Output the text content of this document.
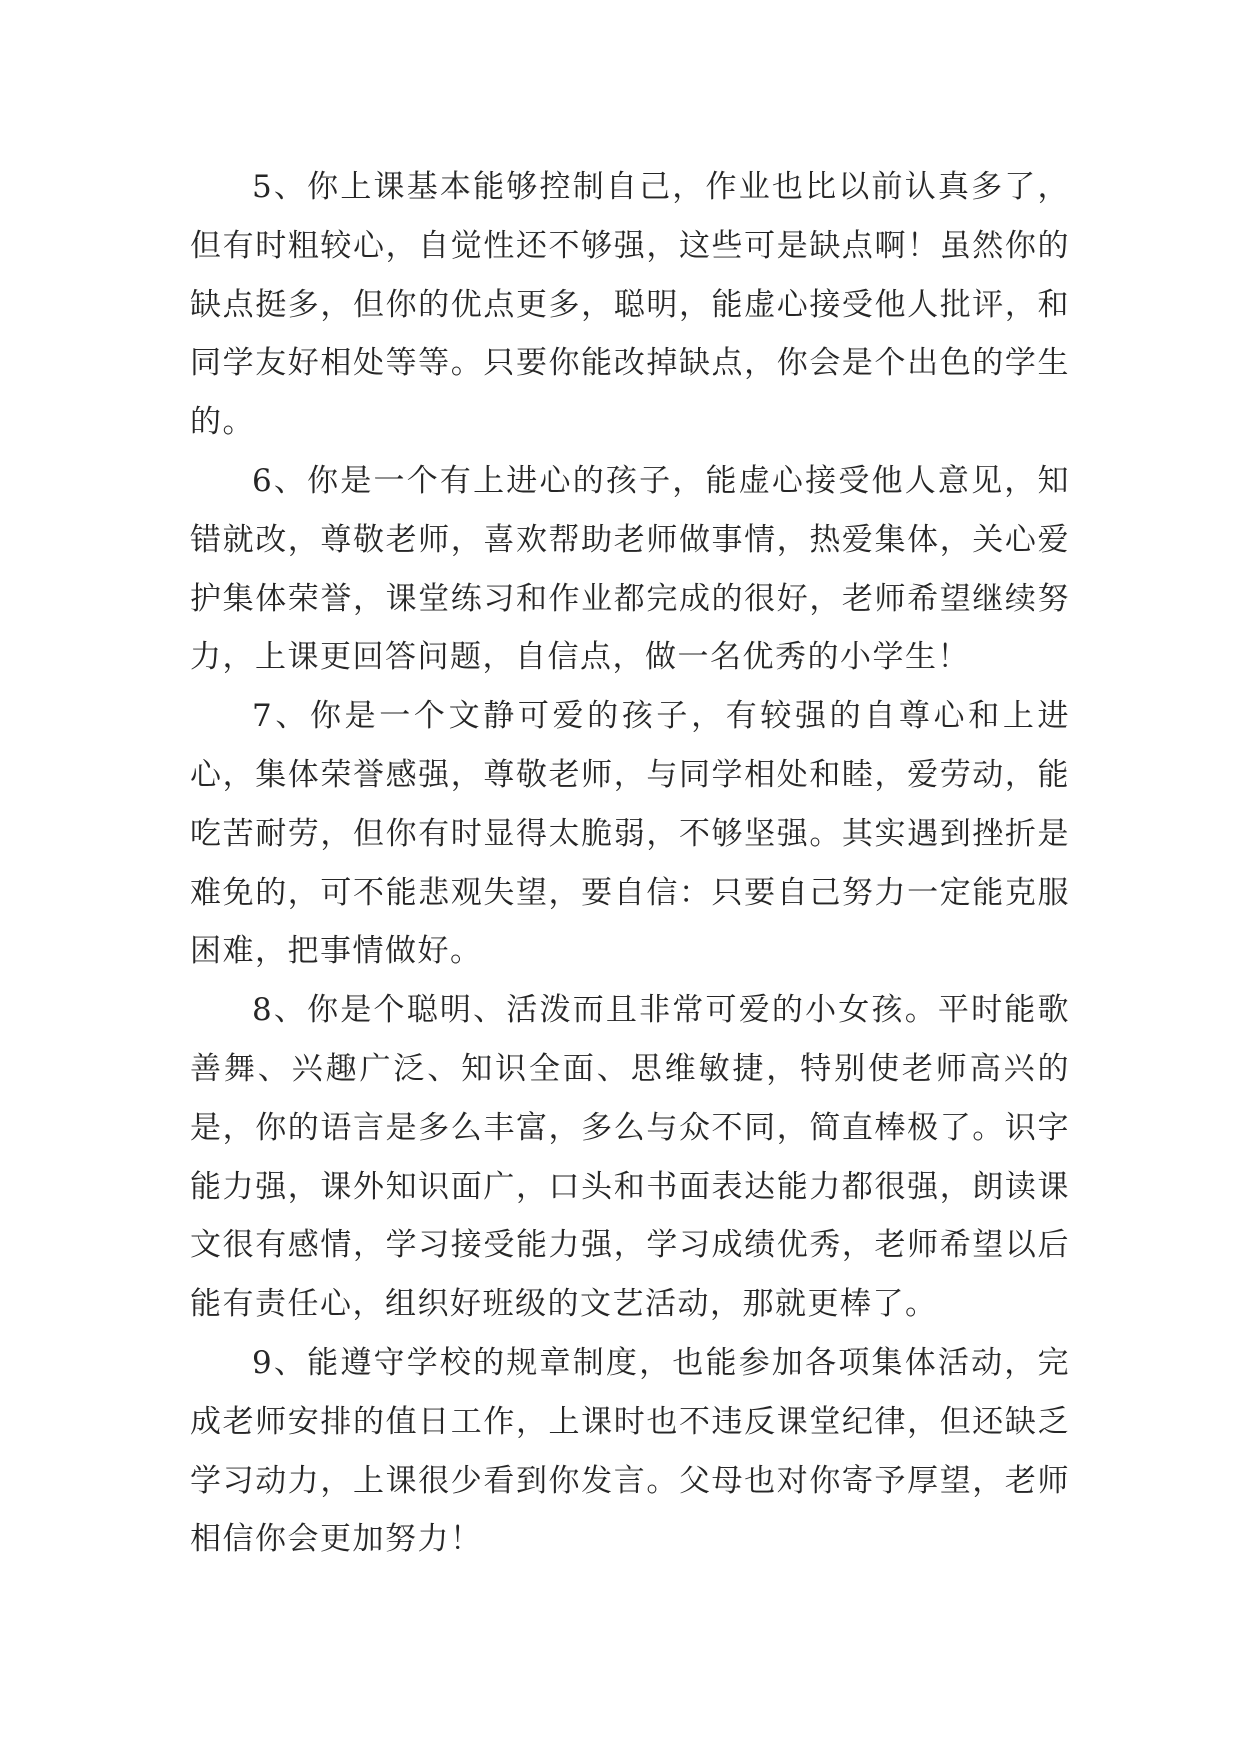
5、你上课基本能够控制自己，作业也比以前认真多了，但有时粗较心，自觉性还不够强，这些可是缺点啊！虽然你的缺点挺多，但你的优点更多，聪明，能虚心接受他人批评，和同学友好相处等等。只要你能改掉缺点，你会是个出色的学生的。

6、你是一个有上进心的孩子，能虚心接受他人意见，知错就改，尊敬老师，喜欢帮助老师做事情，热爱集体，关心爱护集体荣誉，课堂练习和作业都完成的很好，老师希望继续努力，上课更回答问题，自信点，做一名优秀的小学生！

7、你是一个文静可爱的孩子，有较强的自尊心和上进心，集体荣誉感强，尊敬老师，与同学相处和睦，爱劳动，能吃苦耐劳，但你有时显得太脆弱，不够坚强。其实遇到挫折是难免的，可不能悲观失望，要自信：只要自己努力一定能克服困难，把事情做好。

8、你是个聪明、活泼而且非常可爱的小女孩。平时能歌善舞、兴趣广泛、知识全面、思维敏捷，特别使老师高兴的是，你的语言是多么丰富，多么与众不同，简直棒极了。识字能力强，课外知识面广，口头和书面表达能力都很强，朗读课文很有感情，学习接受能力强，学习成绩优秀，老师希望以后能有责任心，组织好班级的文艺活动，那就更棒了。

9、能遵守学校的规章制度，也能参加各项集体活动，完成老师安排的值日工作，上课时也不违反课堂纪律，但还缺乏学习动力，上课很少看到你发言。父母也对你寄予厚望，老师相信你会更加努力！
